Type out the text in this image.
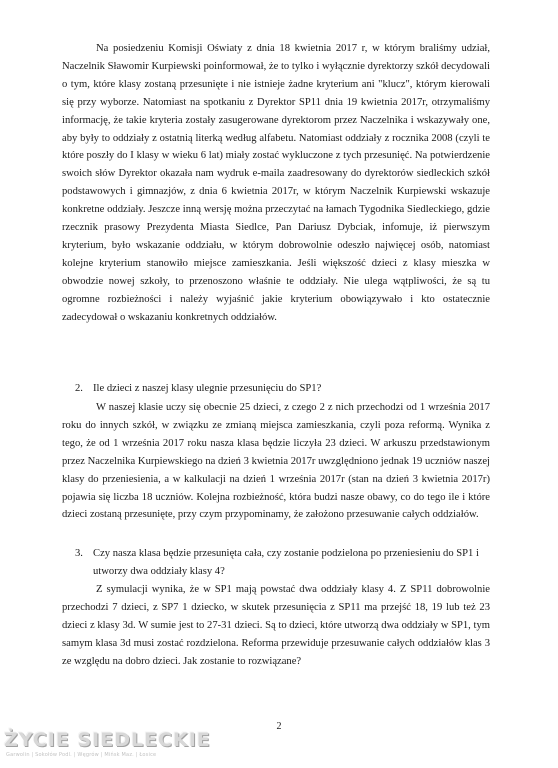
Na posiedzeniu Komisji Oświaty z dnia 18 kwietnia 2017 r, w którym braliśmy udział, Naczelnik Sławomir Kurpiewski poinformował, że to tylko i wyłącznie dyrektorzy szkół decydowali o tym, które klasy zostaną przesunięte i nie istnieje żadne kryterium ani "klucz", którym kierowali się przy wyborze. Natomiast na spotkaniu z Dyrektor SP11 dnia 19 kwietnia 2017r, otrzymaliśmy informację, że takie kryteria zostały zasugerowane dyrektorom przez Naczelnika i wskazywały one, aby były to oddziały z ostatnią literką według alfabetu. Natomiast oddziały z rocznika 2008 (czyli te które poszły do I klasy w wieku 6 lat) miały zostać wykluczone z tych przesunięć. Na potwierdzenie swoich słów Dyrektor okazała nam wydruk e-maila zaadresowany do dyrektorów siedleckich szkół podstawowych i gimnazjów, z dnia 6 kwietnia 2017r, w którym Naczelnik Kurpiewski wskazuje konkretne oddziały. Jeszcze inną wersję można przeczytać na łamach Tygodnika Siedleckiego, gdzie rzecznik prasowy Prezydenta Miasta Siedlce, Pan Dariusz Dybciak, infomuje, iż pierwszym kryterium, było wskazanie oddziału, w którym dobrowolnie odeszło najwięcej osób, natomiast kolejne kryterium stanowiło miejsce zamieszkania. Jeśli większość dzieci z klasy mieszka w obwodzie nowej szkoły, to przenoszono właśnie te oddziały. Nie ulega wątpliwości, że są tu ogromne rozbieżności i należy wyjaśnić jakie kryterium obowiązywało i kto ostatecznie zadecydował o wskazaniu konkretnych oddziałów.

2. Ile dzieci z naszej klasy ulegnie przesunięciu do SP1?

W naszej klasie uczy się obecnie 25 dzieci, z czego 2 z nich przechodzi od 1 września 2017 roku do innych szkół, w związku ze zmianą miejsca zamieszkania, czyli poza reformą. Wynika z tego, że od 1 września 2017 roku nasza klasa będzie liczyła 23 dzieci. W arkuszu przedstawionym przez Naczelnika Kurpiewskiego na dzień 3 kwietnia 2017r uwzględniono jednak 19 uczniów naszej klasy do przeniesienia, a w kalkulacji na dzień 1 września 2017r (stan na dzień 3 kwietnia 2017r) pojawia się liczba 18 uczniów. Kolejna rozbieżność, która budzi nasze obawy, co do tego ile i które dzieci zostaną przesunięte, przy czym przypominamy, że założono przesuwanie całych oddziałów.

3. Czy nasza klasa będzie przesunięta cała, czy zostanie podzielona po przeniesieniu do SP1 i utworzy dwa oddziały klasy 4?

Z symulacji wynika, że w SP1 mają powstać dwa oddziały klasy 4. Z SP11 dobrowolnie przechodzi 7 dzieci, z SP7 1 dziecko, w skutek przesunięcia z SP11 ma przejść 18, 19 lub też 23 dzieci z klasy 3d. W sumie jest to 27-31 dzieci. Są to dzieci, które utworzą dwa oddziały w SP1, tym samym klasa 3d musi zostać rozdzielona. Reforma przewiduje przesuwanie całych oddziałów klas 3 ze względu na dobro dzieci. Jak zostanie to rozwiązane?

2
ŻYCIE SIEDLECKIE
Garwolin | Sokołów Podl. | Węgrów | Mińsk Maz. | Łosice
